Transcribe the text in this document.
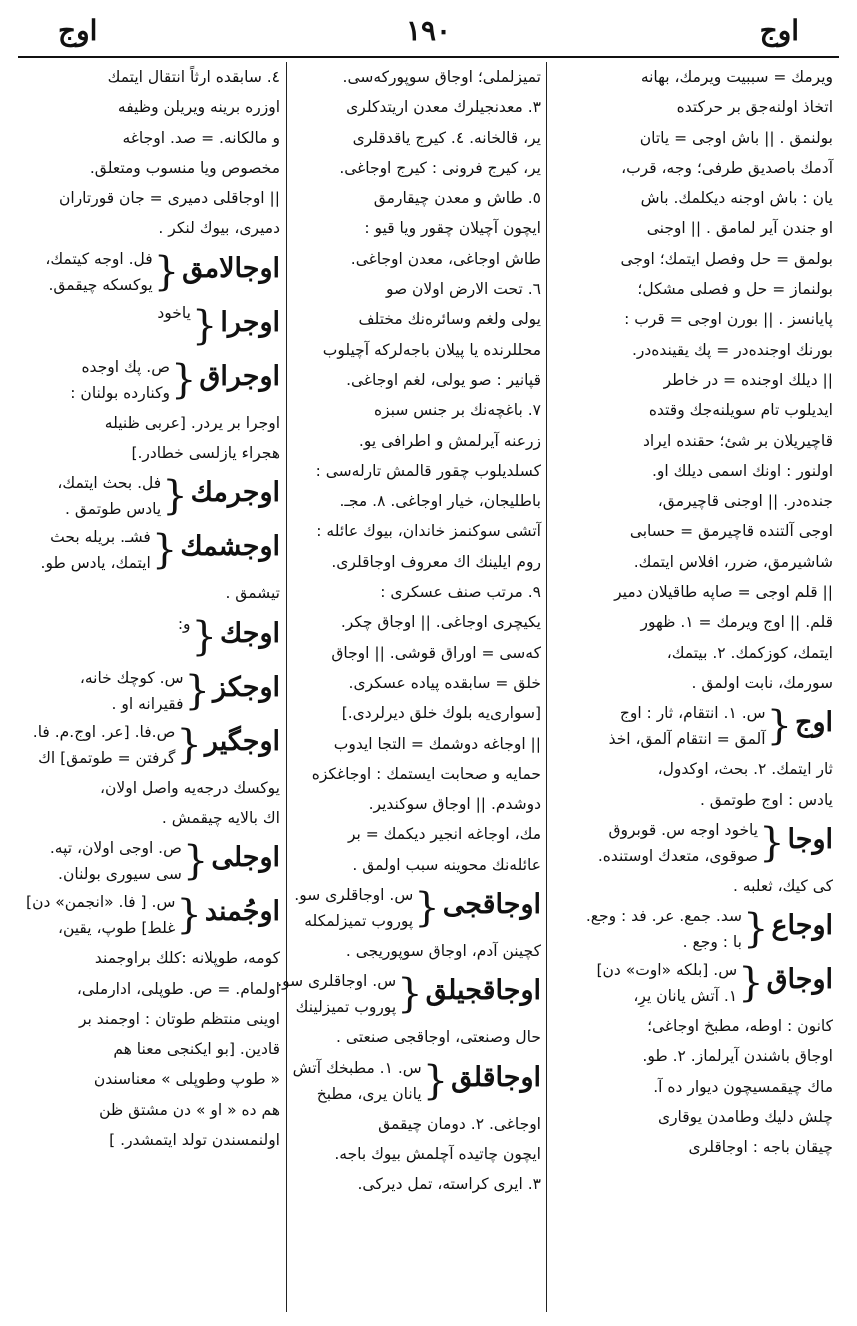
اوج
١٩٠
اوج

ويرمك = سببيت ويرمك، بهانه

اتخاذ اولنه‌جق بر حركتده

بولنمق . || باش اوجى = ياتان

آدمك باصديق طرفى؛ وجه، قرب،

يان : باش اوجنه ديكلمك. باش

او جندن آير لمامق . || اوجنى

بولمق = حل وفصل ايتمك؛ اوجى

بولنماز = حل و فصلى مشكل؛

پايانسز . || بورن اوجى = قرب :

بورنك اوجنده‌در = پك يقينده‌در.

|| ديلك اوجنده = در خاطر

ايديلوب تام سويلنه‌جك وقتده

قاچيريلان بر شئ؛ حقنده ايراد

اولنور : اونك اسمى ديلك او.

جنده‌در. || اوجنى قاچيرمق،

اوجى آلتنده قاچيرمق = حسابى

شاشيرمق، ضرر، افلاس ايتمك.

|| قلم اوجى = صاپه طاقيلان دمير

قلم. || اوج ويرمك = ١. ظهور

ايتمك، كوزكمك. ٢. بيتمك،

سورمك، نابت اولمق .

اوج
{

س. ١. انتقام، ثار : اوج

آلمق = انتقام آلمق، اخذ

ثار ايتمك. ٢. بحث، اوكدول،

يادس : اوج طوتمق .

اوجا
{

ياخود اوجه س. قوبروق

صوقوى، متعدك اوستنده‌.

كى كيك، ثعلبه .

اوجاع
{

سد. جمع. عر. فد : وجع.

با : وجع .

اوجاق
{

س. [بلكه «اوت» دن]

١. آتش يانان يرِ،

كانون : اوطه، مطبخ اوجاغى؛

اوجاق باشندن آيرلماز. ٢. طو.

ماك چيقمسيچون ديوار ده آ.

چلش دليك وطامدن يوقارى

چيقان باجه : اوجاقلرى

تميزلملى؛ اوجاق سوپوركه‌سى.

٣. معدنجيلرك معدن اريتدكلرى

ير، قالخانه. ٤. كيرج ياقدقلرى

ير، كيرج فرونى : كيرج اوجاغى.

٥. طاش و معدن چيقارمق

ايچون آچيلان چقور ويا قيو :

طاش اوجاغى، معدن اوجاغى.

٦. تحت الارض اولان صو

يولى ولغم وسائره‌نك مختلف

محللرنده يا پيلان باجه‌لركه آچيلوب

قپانير : صو يولى، لغم اوجاغى.

٧. باغچه‌نك بر جنس سبزه

زرعنه آيرلمش و اطرافى يو.

كسلديلوب چقور قالمش تارله‌سى :

باطليجان، خيار اوجاغى. ٨. مجـ.

آتشى سوكنمز خاندان، بيوك عائله :

روم ايلينك اك معروف اوجاقلرى.

٩. مرتب صنف عسكرى :

يكيچرى اوجاغى. || اوجاق چكر.

كه‌سى = اوراق قوشى. || اوجاق

خلق = سابقده پياده عسكرى.

[سوارى‌يه بلوك خلق ديرلردى.]

|| اوجاغه دوشمك = التجا ايدوب

حمايه و صحابت ايستمك : اوجاغكزه

دوشدم. || اوجاق سوكندير.

مك، اوجاغه انجير ديكمك = بر

عائله‌نك محوينه سبب اولمق .

اوجاقجى
{

س. اوجاقلرى سو.

پوروب تميزلمكله

كچينن آدم، اوجاق سوپوريجى .

اوجاقجيلق
{

س. اوجاقلرى سو.

پوروب تميزلينك

حال وصنعتى، اوجاقجى صنعتى .

اوجاقلق
{

س. ١. مطبخك آتش

يانان يرى، مطبخ

اوجاغى. ٢. دومان چيقمق

ايچون چاتيده آچلمش بيوك باجه.

٣. ايرى كراسته، تمل ديركى.

٤. سابقده ارثاً انتقال ايتمك

اوزره برينه ويريلن وظيفه

و مالكانه. = صد. اوجاغه

مخصوص ويا منسوب ومتعلق.

|| اوجاقلى دميرى = جان قورتاران

دميرى، بيوك لنكر .

اوجالامق
{

فل. اوجه كيتمك،

يوكسكه چيقمق.

اوجرا
{

ياخود

اوجراق
{

ص. پك اوجده

وكنارده بولنان :

اوجرا بر يردر. [عربى ظنيله

هجراء يازلسى خطادر.]

اوجرمك
{

فل. بحث ايتمك،

يادس طوتمق .

اوجشمك
{

فشـ. بريله بحث

ايتمك، يادس طو.

تيشمق .

اوجك
{

و:

اوجكز
{

س. كوچك خانه،

فقيرانه او .

اوجگير
{

ص.فا. [عر. اوج.م. فا.

گرفتن = طوتمق] اك

يوكسك درجه‌يه واصل اولان،

اك بالايه چيقمش .

اوجلى
{

ص. اوجى اولان، تپه.

سى سيورى بولنان.

اوجُمند
{

س. [ فا. «انجمن» دن]

غلط] طوپ، يقين،

كومه، طوپلانه :كلك براوجمند

اولمام. = ص. طوپلى، ادارملى،

اوينى منتظم طوتان : اوجمند بر

قادين. [بو ايكنجى معنا هم

« طوپ وطوپلى » معناسندن

هم ده « او » دن مشتق ظن

اولنمسندن تولد ايتمشدر. ]
